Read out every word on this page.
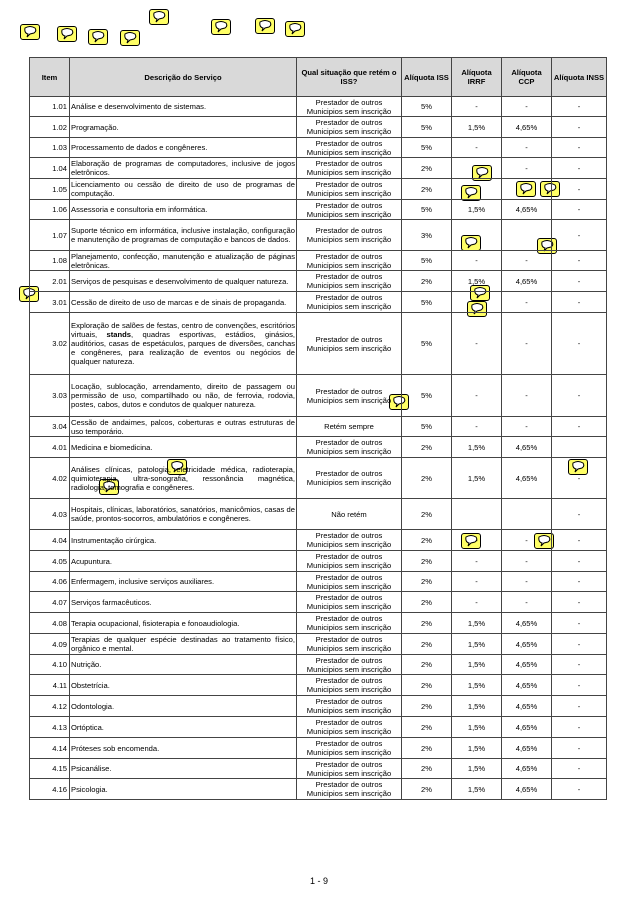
Item	Descrição do Serviço	Qual situação que retém o ISS?	Alíquota ISS	Alíquota IRRF	Alíquota CCP	Alíquota INSS
1.01	Análise e desenvolvimento de sistemas.	Prestador de outros Municipios sem inscrição	5%	-	-	-
1.02	Programação.	Prestador de outros Municipios sem inscrição	5%	1,5%	4,65%	-
1.03	Processamento de dados e congêneres.	Prestador de outros Municipios sem inscrição	5%	-	-	-
1.04	Elaboração de programas de computadores, inclusive de jogos eletrônicos.	Prestador de outros Municipios sem inscrição	2%		-	-
1.05	Licenciamento ou cessão de direito de uso de programas de computação.	Prestador de outros Municipios sem inscrição	2%			-
1.06	Assessoria e consultoria em informática.	Prestador de outros Municipios sem inscrição	5%	1,5%	4,65%	-
1.07	Suporte técnico em informática, inclusive instalação, configuração e manutenção de programas de computação e bancos de dados.	Prestador de outros Municipios sem inscrição	3%			-
1.08	Planejamento, confecção, manutenção e atualização de páginas eletrônicas.	Prestador de outros Municipios sem inscrição	5%	-	-	-
2.01	Serviços de pesquisas e desenvolvimento de qualquer natureza.	Prestador de outros Municipios sem inscrição	2%	1,5%	4,65%	-
3.01	Cessão de direito de uso de marcas e de sinais de propaganda.	Prestador de outros Municipios sem inscrição	5%		-	-
3.02	Exploração de salões de festas, centro de convenções, escritórios virtuais, stands, quadras esportivas, estádios, ginásios, auditórios, casas de espetáculos, parques de diversões, canchas e congêneres, para realização de eventos ou negócios de qualquer natureza.	Prestador de outros Municipios sem inscrição	5%	-	-	-
3.03	Locação, sublocação, arrendamento, direito de passagem ou permissão de uso, compartilhado ou não, de ferrovia, rodovia, postes, cabos, dutos e condutos de qualquer natureza.	Prestador de outros Municipios sem inscrição	5%	-	-	-
3.04	Cessão de andaimes, palcos, coberturas e outras estruturas de uso temporário.	Retém sempre	5%	-	-	-
4.01	Medicina e biomedicina.	Prestador de outros Municipios sem inscrição	2%	1,5%	4,65%	
4.02	Análises clínicas, patologia, eletricidade médica, radioterapia, quimioterapia, ultra-sonografia, ressonância magnética, radiologia, tomografia e congêneres.	Prestador de outros Municipios sem inscrição	2%	1,5%	4,65%	-
4.03	Hospitais, clínicas, laboratórios, sanatórios, manicômios, casas de saúde, prontos-socorros, ambulatórios e congêneres.	Não retém	2%			-
4.04	Instrumentação cirúrgica.	Prestador de outros Municipios sem inscrição	2%	-	-	-
4.05	Acupuntura.	Prestador de outros Municipios sem inscrição	2%	-	-	-
4.06	Enfermagem, inclusive serviços auxiliares.	Prestador de outros Municipios sem inscrição	2%	-	-	-
4.07	Serviços farmacêuticos.	Prestador de outros Municipios sem inscrição	2%	-	-	-
4.08	Terapia ocupacional, fisioterapia e fonoaudiologia.	Prestador de outros Municipios sem inscrição	2%	1,5%	4,65%	-
4.09	Terapias de qualquer espécie destinadas ao tratamento físico, orgânico e mental.	Prestador de outros Municipios sem inscrição	2%	1,5%	4,65%	-
4.10	Nutrição.	Prestador de outros Municipios sem inscrição	2%	1,5%	4,65%	-
4.11	Obstetrícia.	Prestador de outros Municipios sem inscrição	2%	1,5%	4,65%	-
4.12	Odontologia.	Prestador de outros Municipios sem inscrição	2%	1,5%	4,65%	-
4.13	Ortóptica.	Prestador de outros Municipios sem inscrição	2%	1,5%	4,65%	-
4.14	Próteses sob encomenda.	Prestador de outros Municipios sem inscrição	2%	1,5%	4,65%	-
4.15	Psicanálise.	Prestador de outros Municipios sem inscrição	2%	1,5%	4,65%	-
4.16	Psicologia.	Prestador de outros Municipios sem inscrição	2%	1,5%	4,65%	-
1 - 9
